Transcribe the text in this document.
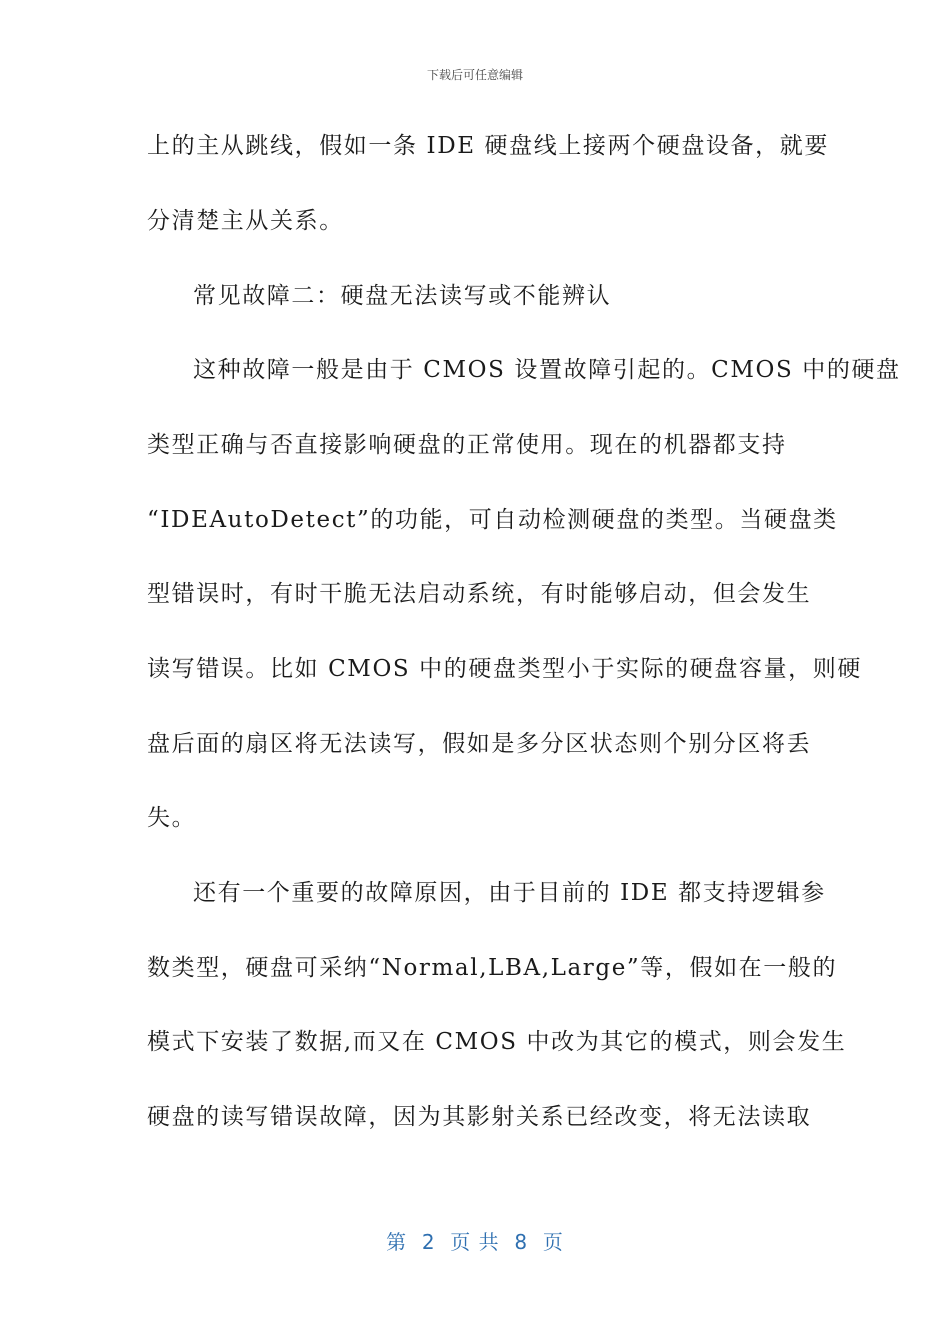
下载后可任意编辑
上的主从跳线，假如一条 IDE 硬盘线上接两个硬盘设备，就要
分清楚主从关系。
常见故障二：硬盘无法读写或不能辨认
这种故障一般是由于 CMOS 设置故障引起的。CMOS 中的硬盘
类型正确与否直接影响硬盘的正常使用。现在的机器都支持
“IDEAutoDetect”的功能，可自动检测硬盘的类型。当硬盘类
型错误时，有时干脆无法启动系统，有时能够启动，但会发生
读写错误。比如 CMOS 中的硬盘类型小于实际的硬盘容量，则硬
盘后面的扇区将无法读写，假如是多分区状态则个别分区将丢
失。
还有一个重要的故障原因，由于目前的 IDE 都支持逻辑参
数类型，硬盘可采纳“Normal,LBA,Large”等，假如在一般的
模式下安装了数据,而又在 CMOS 中改为其它的模式，则会发生
硬盘的读写错误故障，因为其影射关系已经改变，将无法读取
第  2  页 共  8  页
